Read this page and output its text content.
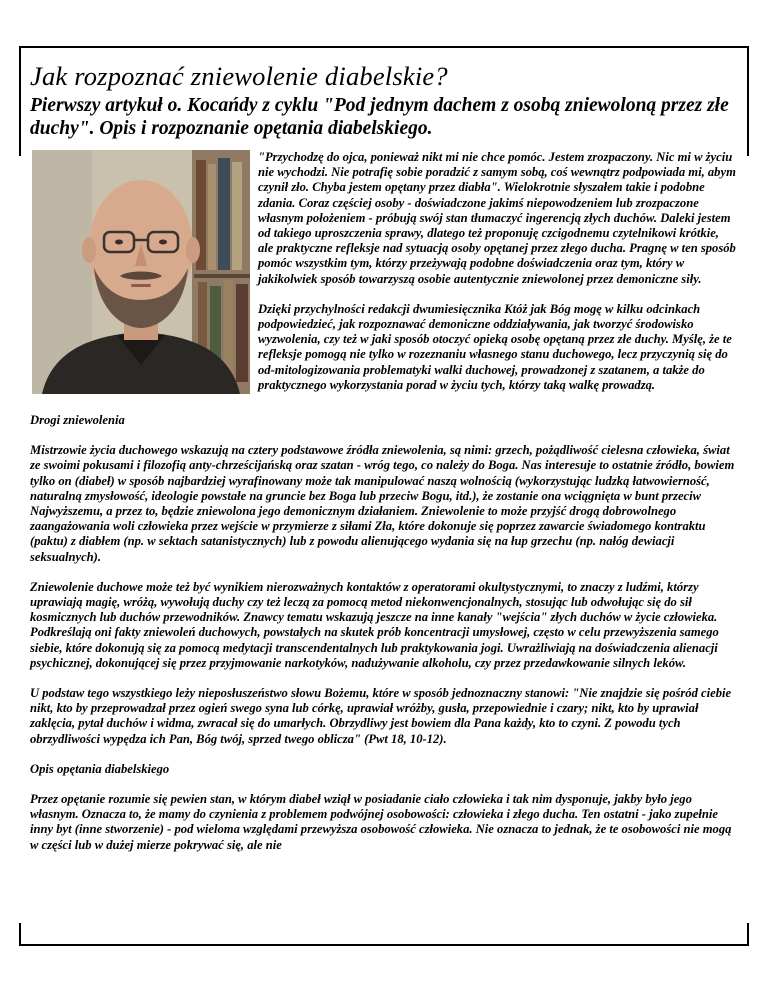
Jak rozpoznać zniewolenie diabelskie?
Pierwszy artykuł o. Kocańdy z cyklu "Pod jednym dachem z osobą zniewoloną przez złe duchy". Opis i rozpoznanie opętania diabelskiego.

"Przychodzę do ojca, ponieważ nikt mi nie chce pomóc. Jestem zrozpaczony. Nic mi w życiu nie wychodzi. Nie potrafię sobie poradzić z samym sobą, coś wewnątrz podpowiada mi, abym czynił zło. Chyba jestem opętany przez diabła". Wielokrotnie słyszałem takie i podobne zdania. Coraz częściej osoby - doświadczone jakimś niepowodzeniem lub zrozpaczone własnym położeniem - próbują swój stan tłumaczyć ingerencją złych duchów. Daleki jestem od takiego uproszczenia sprawy, dlatego też proponuję czcigodnemu czytelnikowi krótkie, ale praktyczne refleksje nad sytuacją osoby opętanej przez złego ducha. Pragnę w ten sposób pomóc wszystkim tym, którzy przeżywają podobne doświadczenia oraz tym, który w jakikolwiek sposób towarzyszą osobie autentycznie zniewolonej przez demoniczne siły.

Dzięki przychylności redakcji dwumiesięcznika Któż jak Bóg mogę w kilku odcinkach podpowiedzieć, jak rozpoznawać demoniczne oddziaływania, jak tworzyć środowisko wyzwolenia, czy też w jaki sposób otoczyć opieką osobę opętaną przez złe duchy. Myślę, że te refleksje pomogą nie tylko w rozeznaniu własnego stanu duchowego, lecz przyczynią się do od-mitologizowania problematyki walki duchowej, prowadzonej z szatanem, a także do praktycznego wykorzystania porad w życiu tych, którzy taką walkę prowadzą.

Drogi zniewolenia

Mistrzowie życia duchowego wskazują na cztery podstawowe źródła zniewolenia, są nimi: grzech, pożądliwość cielesna człowieka, świat ze swoimi pokusami i filozofią anty-chrześcijańską oraz szatan - wróg tego, co należy do Boga. Nas interesuje to ostatnie źródło, bowiem tylko on (diabeł) w sposób najbardziej wyrafinowany może tak manipulować naszą wolnością (wykorzystując ludzką łatwowierność, naturalną zmysłowość, ideologie powstałe na gruncie bez Boga lub przeciw Bogu, itd.), że zostanie ona wciągnięta w bunt przeciw Najwyższemu, a przez to, będzie zniewolona jego demonicznym działaniem. Zniewolenie to może przyjść drogą dobrowolnego zaangażowania woli człowieka przez wejście w przymierze z siłami Zła, które dokonuje się poprzez zawarcie świadomego kontraktu (paktu) z diabłem (np. w sektach satanistycznych) lub z powodu alienującego wydania się na łup grzechu (np. nałóg dewiacji seksualnych).

Zniewolenie duchowe może też być wynikiem nierozważnych kontaktów z operatorami okultystycznymi, to znaczy z ludźmi, którzy uprawiają magię, wróżą, wywołują duchy czy też leczą za pomocą metod niekonwencjonalnych, stosując lub odwołując się do sił kosmicznych lub duchów przewodników. Znawcy tematu wskazują jeszcze na inne kanały "wejścia" złych duchów w życie człowieka. Podkreślają oni fakty zniewoleń duchowych, powstałych na skutek prób koncentracji umysłowej, często w celu przewyższenia samego siebie, które dokonują się za pomocą medytacji transcendentalnych lub praktykowania jogi. Uwrażliwiają na doświadczenia alienacji psychicznej, dokonującej się przez przyjmowanie narkotyków, nadużywanie alkoholu, czy przez przedawkowanie silnych leków.

U podstaw tego wszystkiego leży nieposłuszeństwo słowu Bożemu, które w sposób jednoznaczny stanowi: "Nie znajdzie się pośród ciebie nikt, kto by przeprowadzał przez ogień swego syna lub córkę, uprawiał wróżby, gusła, przepowiednie i czary; nikt, kto by uprawiał zaklęcia, pytał duchów i widma, zwracał się do umarłych. Obrzydliwy jest bowiem dla Pana każdy, kto to czyni. Z powodu tych obrzydliwości wypędza ich Pan, Bóg twój, sprzed twego oblicza" (Pwt 18, 10-12).

Opis opętania diabelskiego

Przez opętanie rozumie się pewien stan, w którym diabeł wziął w posiadanie ciało człowieka i tak nim dysponuje, jakby było jego własnym. Oznacza to, że mamy do czynienia z problemem podwójnej osobowości: człowieka i złego ducha. Ten ostatni - jako zupełnie inny byt (inne stworzenie) - pod wieloma względami przewyższa osobowość człowieka. Nie oznacza to jednak, że te osobowości nie mogą w części lub w dużej mierze pokrywać się, ale nie
